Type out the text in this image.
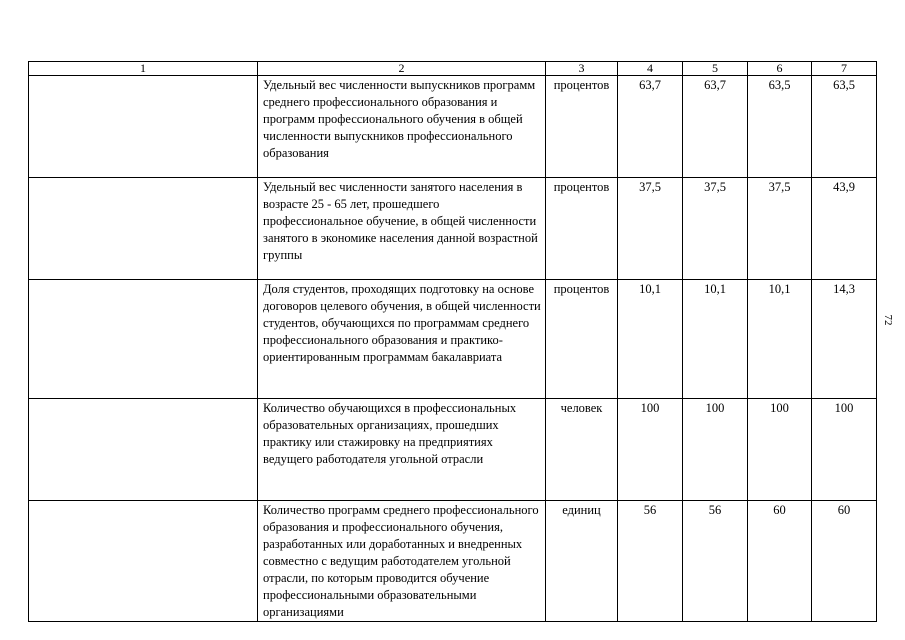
1	2	3	4	5	6	7
	Удельный вес численности выпускников программ среднего профессионального образования и программ профессионального обучения в общей численности выпускников профессионального образования	процентов	63,7	63,7	63,5	63,5
	Удельный вес численности занятого населения в возрасте 25 - 65 лет, прошедшего профессиональное обучение, в общей численности занятого в экономике населения данной возрастной группы	процентов	37,5	37,5	37,5	43,9
	Доля студентов, проходящих подготовку на основе договоров целевого обучения, в общей численности студентов, обучающихся по программам среднего профессионального образования и практико-ориентированным программам бакалавриата	процентов	10,1	10,1	10,1	14,3
	Количество обучающихся в профессиональных образовательных организациях, прошедших практику или стажировку на предприятиях ведущего работодателя угольной отрасли	человек	100	100	100	100
	Количество программ среднего профессионального образования и профессионального обучения, разработанных или доработанных и внедренных совместно с ведущим работодателем угольной отрасли, по которым проводится обучение профессиональными образовательными организациями	единиц	56	56	60	60
72
